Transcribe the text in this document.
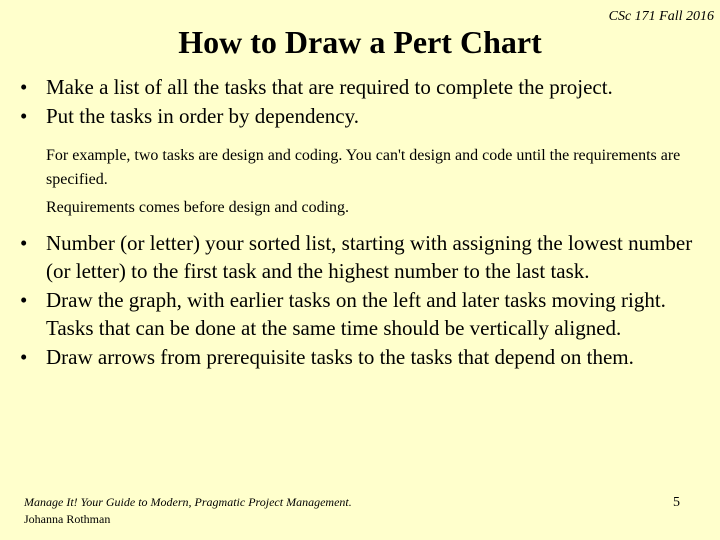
CSc 171 Fall 2016
How to Draw a Pert Chart
• Make a list of all the tasks that are required to complete the project.
• Put the tasks in order by dependency.

For example, two tasks are design and coding. You can't design and code until the requirements are specified.

Requirements comes before design and coding.

• Number (or letter) your sorted list, starting with assigning the lowest number (or letter) to the first task and the highest number to the last task.
• Draw the graph, with earlier tasks on the left and later tasks moving right. Tasks that can be done at the same time should be vertically aligned.
• Draw arrows from prerequisite tasks to the tasks that depend on them.
Manage It! Your Guide to Modern, Pragmatic Project Management. Johanna Rothman
5
